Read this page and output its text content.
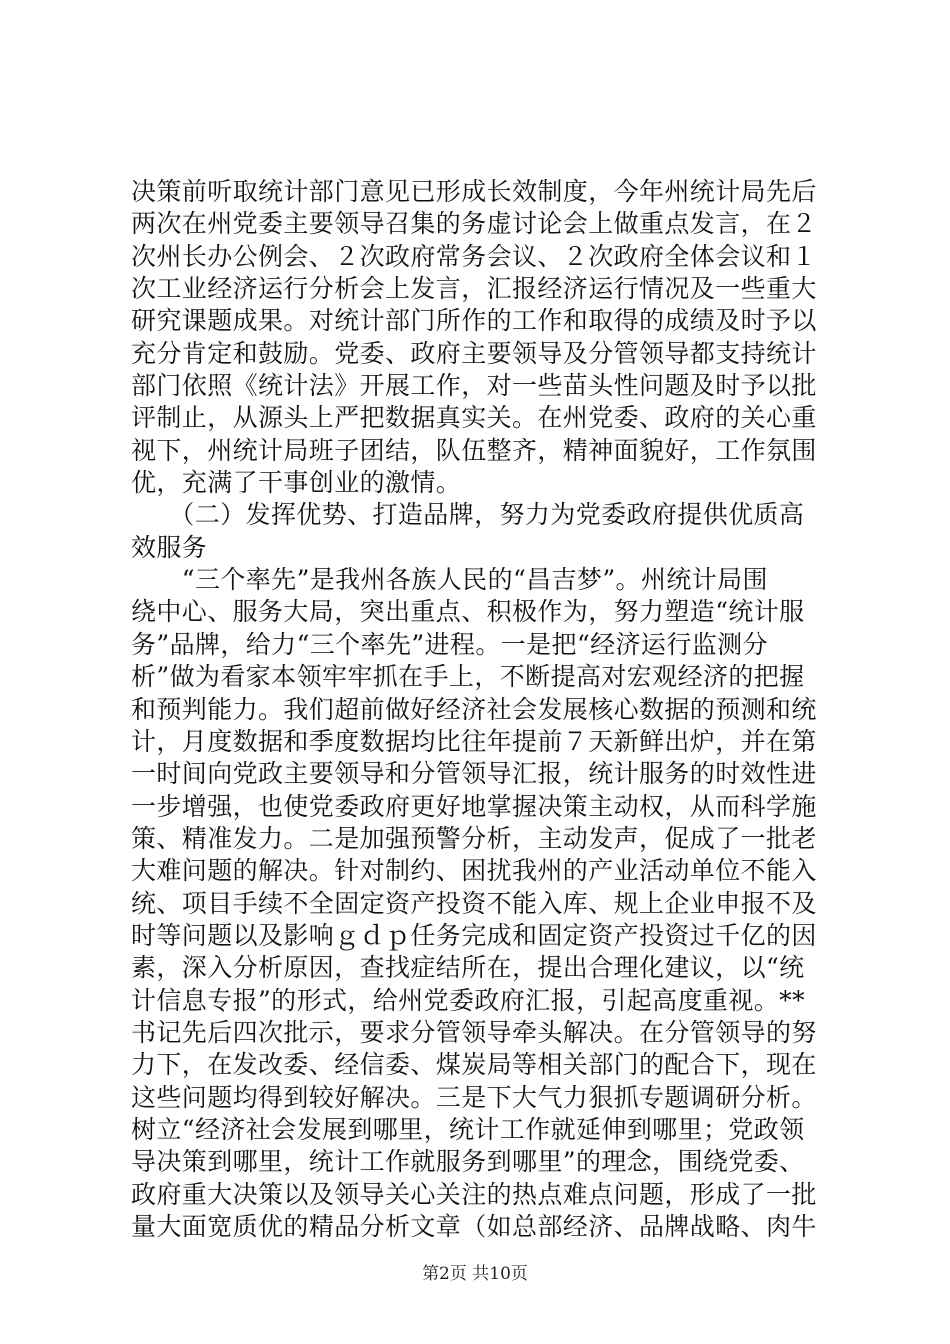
决策前听取统计部门意见已形成长效制度，今年州统计局先后
两次在州党委主要领导召集的务虚讨论会上做重点发言，在２
次州长办公例会、２次政府常务会议、２次政府全体会议和１
次工业经济运行分析会上发言，汇报经济运行情况及一些重大
研究课题成果。对统计部门所作的工作和取得的成绩及时予以
充分肯定和鼓励。党委、政府主要领导及分管领导都支持统计
部门依照《统计法》开展工作，对一些苗头性问题及时予以批
评制止，从源头上严把数据真实关。在州党委、政府的关心重
视下，州统计局班子团结，队伍整齐，精神面貌好，工作氛围
优，充满了干事创业的激情。
　　（二）发挥优势、打造品牌，努力为党委政府提供优质高
效服务
　　“三个率先”是我州各族人民的“昌吉梦”。州统计局围
绕中心、服务大局，突出重点、积极作为，努力塑造“统计服
务”品牌，给力“三个率先”进程。一是把“经济运行监测分
析”做为看家本领牢牢抓在手上，不断提高对宏观经济的把握
和预判能力。我们超前做好经济社会发展核心数据的预测和统
计，月度数据和季度数据均比往年提前７天新鲜出炉，并在第
一时间向党政主要领导和分管领导汇报，统计服务的时效性进
一步增强，也使党委政府更好地掌握决策主动权，从而科学施
策、精准发力。二是加强预警分析，主动发声，促成了一批老
大难问题的解决。针对制约、困扰我州的产业活动单位不能入
统、项目手续不全固定资产投资不能入库、规上企业申报不及
时等问题以及影响ｇｄｐ任务完成和固定资产投资过千亿的因
素，深入分析原因，查找症结所在，提出合理化建议，以“统
计信息专报”的形式，给州党委政府汇报，引起高度重视。**
书记先后四次批示，要求分管领导牵头解决。在分管领导的努
力下，在发改委、经信委、煤炭局等相关部门的配合下，现在
这些问题均得到较好解决。三是下大气力狠抓专题调研分析。
树立“经济社会发展到哪里，统计工作就延伸到哪里；党政领
导决策到哪里，统计工作就服务到哪里”的理念，围绕党委、
政府重大决策以及领导关心关注的热点难点问题，形成了一批
量大面宽质优的精品分析文章（如总部经济、品牌战略、肉牛
第2页 共10页
